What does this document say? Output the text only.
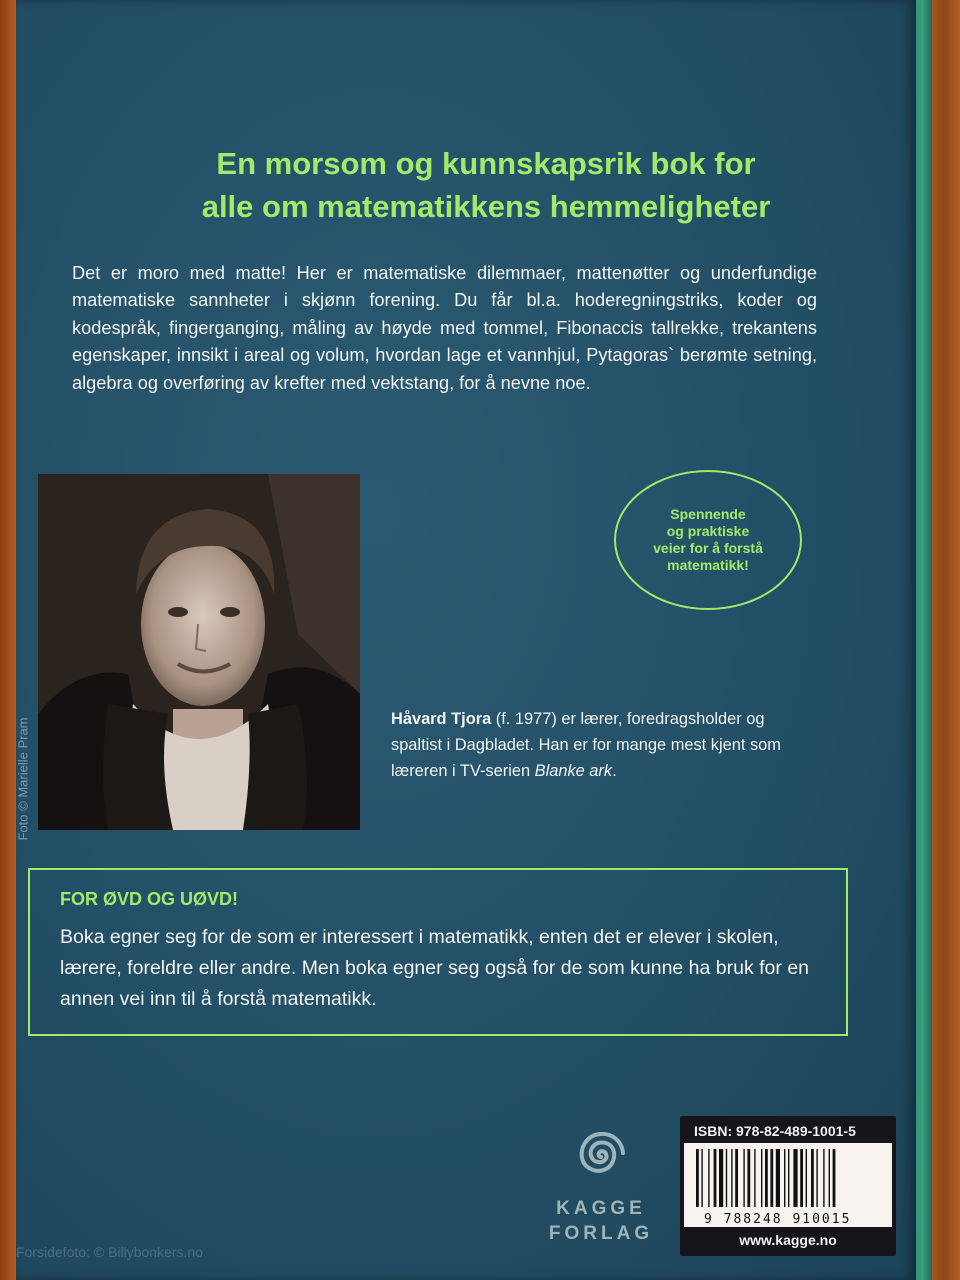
En morsom og kunnskapsrik bok for
alle om matematikkens hemmeligheter

Det er moro med matte! Her er matematiske dilemmaer, mattenøtter og underfundige matematiske sannheter i skjønn forening. Du får bl.a. hoderegningstriks, koder og kodespråk, fingerganging, måling av høyde med tommel, Fibonaccis tallrekke, trekantens egenskaper, innsikt i areal og volum, hvordan lage et vannhjul, Pytagoras` berømte setning, algebra og overføring av krefter med vektstang, for å nevne noe.

Foto © Marielle Pram
Spennende
og praktiske
veier for å forstå
matematikk!

Håvard Tjora (f. 1977) er lærer, foredragsholder og spaltist i Dagbladet. Han er for mange mest kjent som læreren i TV-serien Blanke ark.

FOR ØVD OG UØVD!

Boka egner seg for de som er interessert i matematikk, enten det er elever i skolen, lærere, foreldre eller andre. Men boka egner seg også for de som kunne ha bruk for en annen vei inn til å forstå matematikk.

KAGGE
FORLAG
ISBN: 978-82-489-1001-5
9 788248 910015
www.kagge.no
Forsidefoto: © Billybonkers.no
